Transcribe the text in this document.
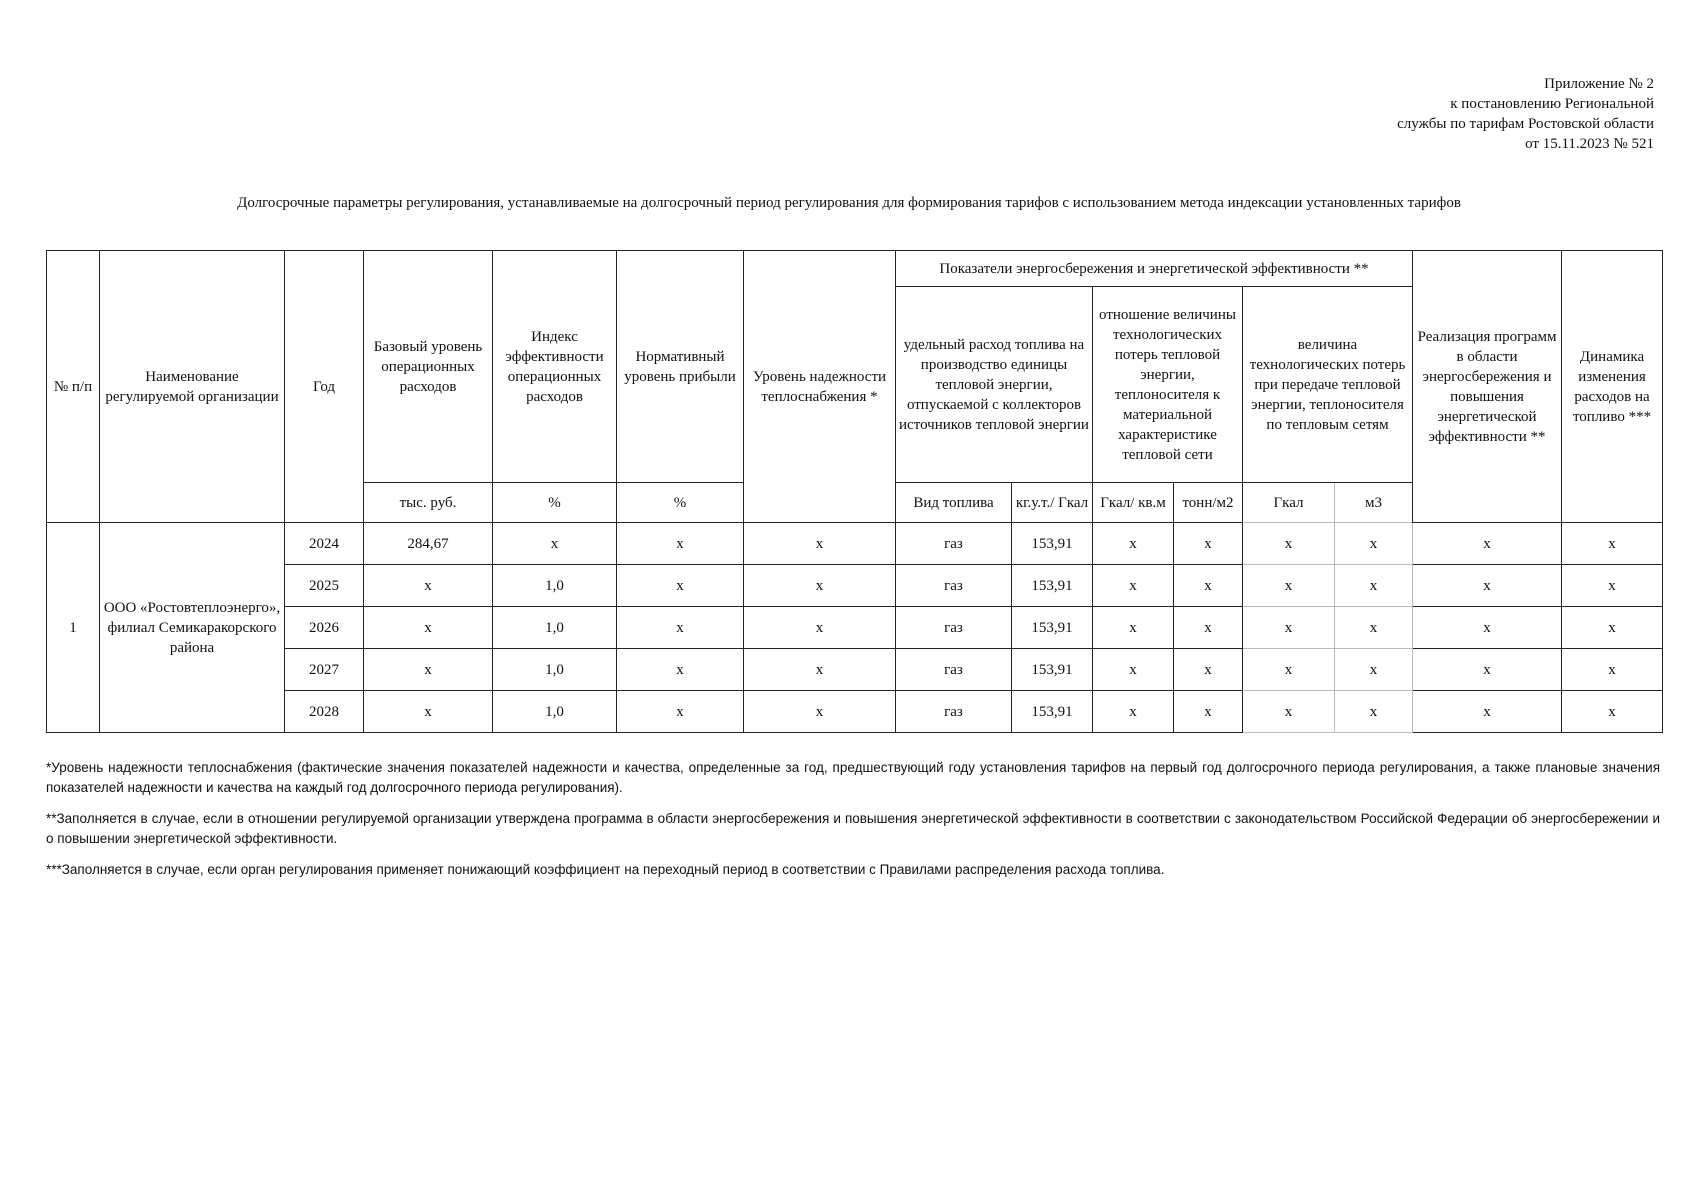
Приложение № 2
к постановлению Региональной
службы по тарифам Ростовской области
от 15.11.2023 № 521
Долгосрочные параметры регулирования, устанавливаемые на долгосрочный период регулирования для формирования тарифов с использованием метода индексации установленных тарифов
№ п/п	Наименование регулируемой организации	Год	Базовый уровень операционных расходов	Индекс эффективности операционных расходов	Нормативный уровень прибыли	Уровень надежности теплоснабжения *	Показатели энергосбережения и энергетической эффективности **						Реализация программ в области энергосбережения и повышения энергетической эффективности **	Динамика изменения расходов на топливо ***
							удельный расход топлива на производство единицы тепловой энергии, отпускаемой с коллекторов источников тепловой энергии		отношение величины технологических потерь тепловой энергии, теплоносителя к материальной характеристике тепловой сети		величина технологических потерь при передаче тепловой энергии, теплоносителя по тепловым сетям			
			тыс. руб.	%	%		Вид топлива	кг.у.т./ Гкал	Гкал/ кв.м	тонн/м2	Гкал	м3		
1	ООО «Ростовтеплоэнерго», филиал Семикаракорского района	2024	284,67	х	х	х	газ	153,91	х	х	х	х	х	х
		2025	х	1,0	х	х	газ	153,91	х	х	х	х	х	х
		2026	х	1,0	х	х	газ	153,91	х	х	х	х	х	х
		2027	х	1,0	х	х	газ	153,91	х	х	х	х	х	х
		2028	х	1,0	х	х	газ	153,91	х	х	х	х	х	х

*Уровень надежности теплоснабжения (фактические значения показателей надежности и качества, определенные за год, предшествующий году установления тарифов на первый год долгосрочного периода регулирования, а также плановые значения показателей надежности и качества на каждый год долгосрочного периода регулирования).

**Заполняется в случае, если в отношении регулируемой организации утверждена программа в области энергосбережения и повышения энергетической эффективности в соответствии с законодательством Российской Федерации об энергосбережении и о повышении энергетической эффективности.

***Заполняется в случае, если орган регулирования применяет понижающий коэффициент на переходный период в соответствии с Правилами распределения расхода топлива.
